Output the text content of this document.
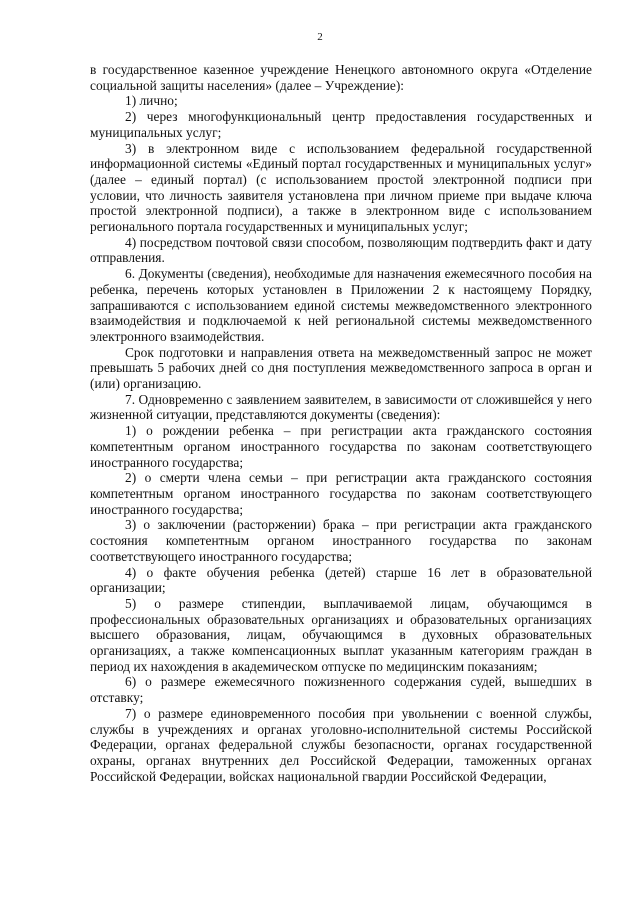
2

в государственное казенное учреждение Ненецкого автономного округа «Отделение социальной защиты населения» (далее – Учреждение):

1) лично;

2) через многофункциональный центр предоставления государственных и муниципальных услуг;

3) в электронном виде с использованием федеральной государственной информационной системы «Единый портал государственных и муниципальных услуг» (далее – единый портал) (с использованием простой электронной подписи при условии, что личность заявителя установлена при личном приеме при выдаче ключа простой электронной подписи), а также в электронном виде с использованием регионального портала государственных и муниципальных услуг;

4) посредством почтовой связи способом, позволяющим подтвердить факт и дату отправления.

6. Документы (сведения), необходимые для назначения ежемесячного пособия на ребенка, перечень которых установлен в Приложении 2 к настоящему Порядку, запрашиваются с использованием единой системы межведомственного электронного взаимодействия и подключаемой к ней региональной системы межведомственного электронного взаимодействия.

Срок подготовки и направления ответа на межведомственный запрос не может превышать 5 рабочих дней со дня поступления межведомственного запроса в орган и (или) организацию.

7. Одновременно с заявлением заявителем, в зависимости от сложившейся у него жизненной ситуации, представляются документы (сведения):

1) о рождении ребенка – при регистрации акта гражданского состояния компетентным органом иностранного государства по законам соответствующего иностранного государства;

2) о смерти члена семьи – при регистрации акта гражданского состояния компетентным органом иностранного государства по законам соответствующего иностранного государства;

3) о заключении (расторжении) брака – при регистрации акта гражданского состояния компетентным органом иностранного государства по законам соответствующего иностранного государства;

4) о факте обучения ребенка (детей) старше 16 лет в образовательной организации;

5) о размере стипендии, выплачиваемой лицам, обучающимся в профессиональных образовательных организациях и образовательных организациях высшего образования, лицам, обучающимся в духовных образовательных организациях, а также компенсационных выплат указанным категориям граждан в период их нахождения в академическом отпуске по медицинским показаниям;

6) о размере ежемесячного пожизненного содержания судей, вышедших в отставку;

7) о размере единовременного пособия при увольнении с военной службы, службы в учреждениях и органах уголовно-исполнительной системы Российской Федерации, органах федеральной службы безопасности, органах государственной охраны, органах внутренних дел Российской Федерации, таможенных органах Российской Федерации, войсках национальной гвардии Российской Федерации,
